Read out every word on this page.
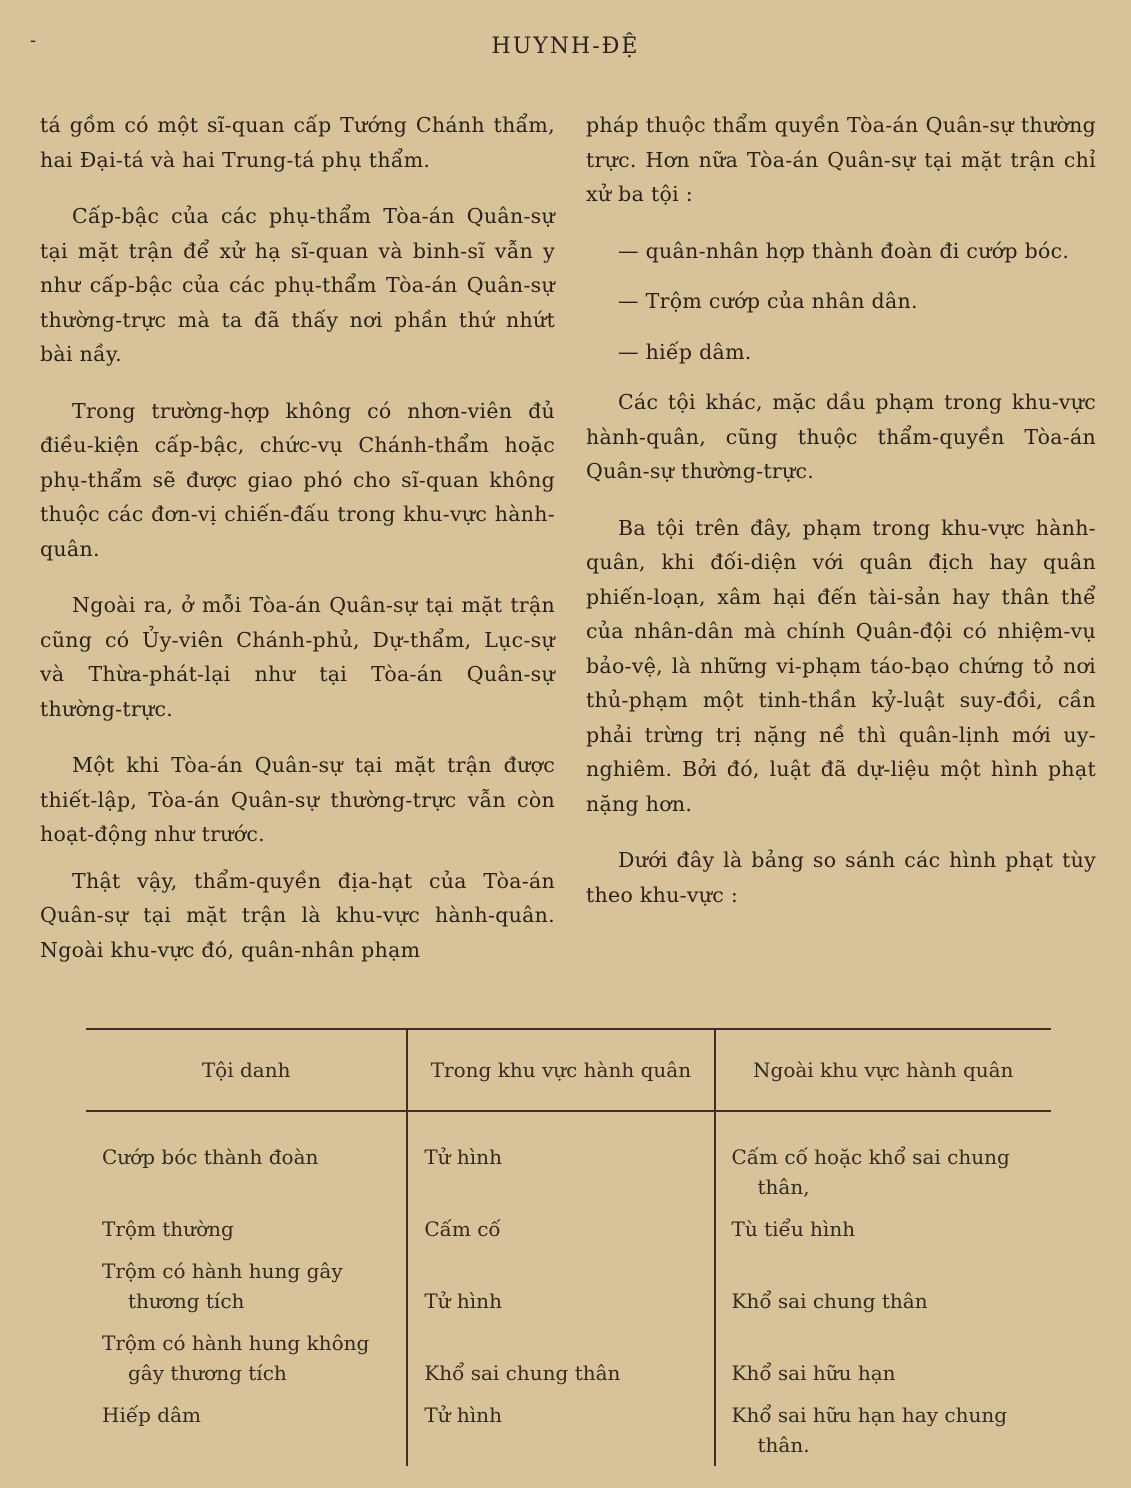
-	HUYNH-ĐỆ

tá gồm có một sĩ-quan cấp Tướng Chánh thẩm, hai Đại-tá và hai Trung-tá phụ thẩm.

Cấp-bậc của các phụ-thẩm Tòa-án Quân-sự tại mặt trận để xử hạ sĩ-quan và binh-sĩ vẫn y như cấp-bậc của các phụ-thẩm Tòa-án Quân-sự thường-trực mà ta đã thấy nơi phần thứ nhứt bài nầy.

Trong trường-hợp không có nhơn-viên đủ điều-kiện cấp-bậc, chức-vụ Chánh-thẩm hoặc phụ-thẩm sẽ được giao phó cho sĩ-quan không thuộc các đơn-vị chiến-đấu trong khu-vực hành-quân.

Ngoài ra, ở mỗi Tòa-án Quân-sự tại mặt trận cũng có Ủy-viên Chánh-phủ, Dự-thẩm, Lục-sự và Thừa-phát-lại như tại Tòa-án Quân-sự thường-trực.

Một khi Tòa-án Quân-sự tại mặt trận được thiết-lập, Tòa-án Quân-sự thường-trực vẫn còn hoạt-động như trước.

Thật vậy, thẩm-quyền địa-hạt của Tòa-án Quân-sự tại mặt trận là khu-vực hành-quân. Ngoài khu-vực đó, quân-nhân phạm

pháp thuộc thẩm quyền Tòa-án Quân-sự thường trực. Hơn nữa Tòa-án Quân-sự tại mặt trận chỉ xử ba tội :

— quân-nhân hợp thành đoàn đi cướp bóc.

— Trộm cướp của nhân dân.

— hiếp dâm.

Các tội khác, mặc dầu phạm trong khu-vực hành-quân, cũng thuộc thẩm-quyền Tòa-án Quân-sự thường-trực.

Ba tội trên đây, phạm trong khu-vực hành-quân, khi đối-diện với quân địch hay quân phiến-loạn, xâm hại đến tài-sản hay thân thể của nhân-dân mà chính Quân-đội có nhiệm-vụ bảo-vệ, là những vi-phạm táo-bạo chứng tỏ nơi thủ-phạm một tinh-thần kỷ-luật suy-đồi, cần phải trừng trị nặng nề thì quân-lịnh mới uy-nghiêm. Bởi đó, luật đã dự-liệu một hình phạt nặng hơn.

Dưới đây là bảng so sánh các hình phạt tùy theo khu-vực :

Tội danh	Trong khu vực hành quân	Ngoài khu vực hành quân

Cướp bóc thành đoàn	Tử hình	Cấm cố hoặc khổ sai chung thân,

Trộm thường	Cấm cố	Tù tiểu hình

Trộm có hành hung gây thương tích	Tử hình	Khổ sai chung thân

Trộm có hành hung không gây thương tích	Khổ sai chung thân	Khổ sai hữu hạn

Hiếp dâm	Tử hình	Khổ sai hữu hạn hay chung thân.
